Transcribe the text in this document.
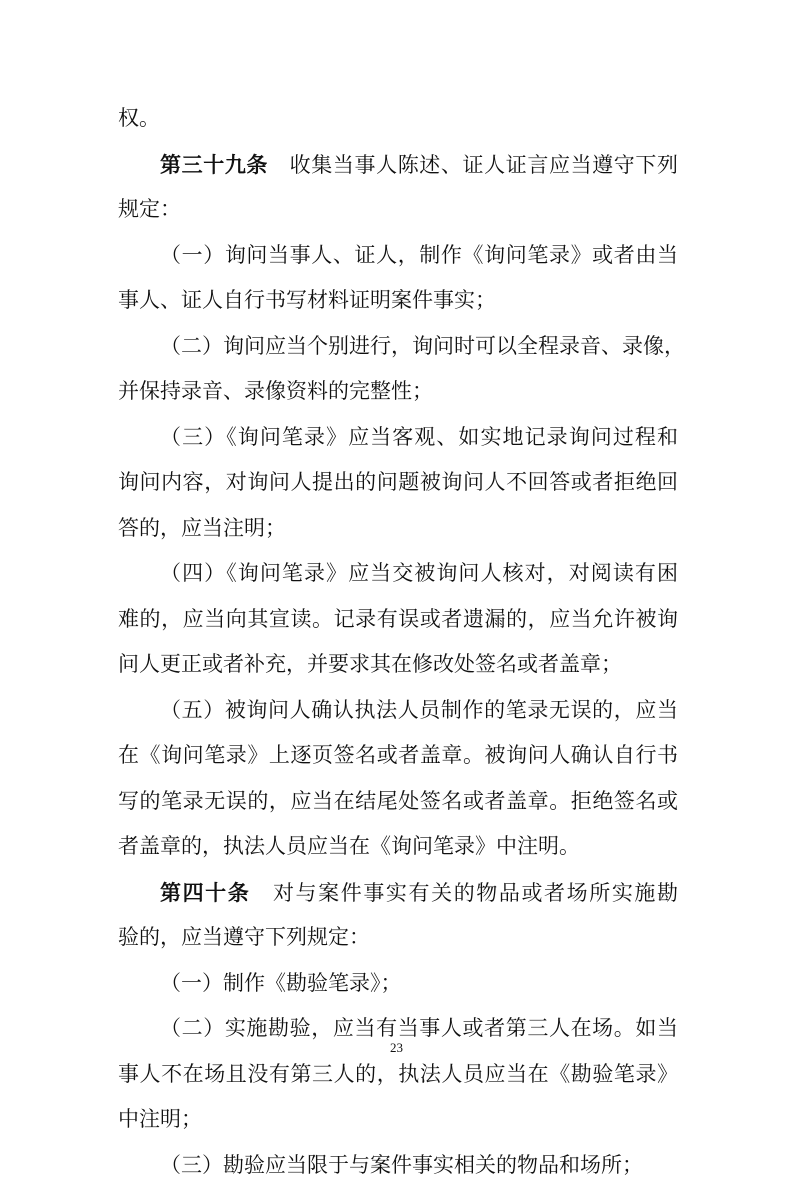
权。
第三十九条　收集当事人陈述、证人证言应当遵守下列
规定：
（一）询问当事人、证人，制作《询问笔录》或者由当
事人、证人自行书写材料证明案件事实；
（二）询问应当个别进行，询问时可以全程录音、录像，
并保持录音、录像资料的完整性；
（三）《询问笔录》应当客观、如实地记录询问过程和
询问内容，对询问人提出的问题被询问人不回答或者拒绝回
答的，应当注明；
（四）《询问笔录》应当交被询问人核对，对阅读有困
难的，应当向其宣读。记录有误或者遗漏的，应当允许被询
问人更正或者补充，并要求其在修改处签名或者盖章；
（五）被询问人确认执法人员制作的笔录无误的，应当
在《询问笔录》上逐页签名或者盖章。被询问人确认自行书
写的笔录无误的，应当在结尾处签名或者盖章。拒绝签名或
者盖章的，执法人员应当在《询问笔录》中注明。
第四十条　对与案件事实有关的物品或者场所实施勘
验的，应当遵守下列规定：
（一）制作《勘验笔录》；
（二）实施勘验，应当有当事人或者第三人在场。如当
事人不在场且没有第三人的，执法人员应当在《勘验笔录》
中注明；
（三）勘验应当限于与案件事实相关的物品和场所；
23
